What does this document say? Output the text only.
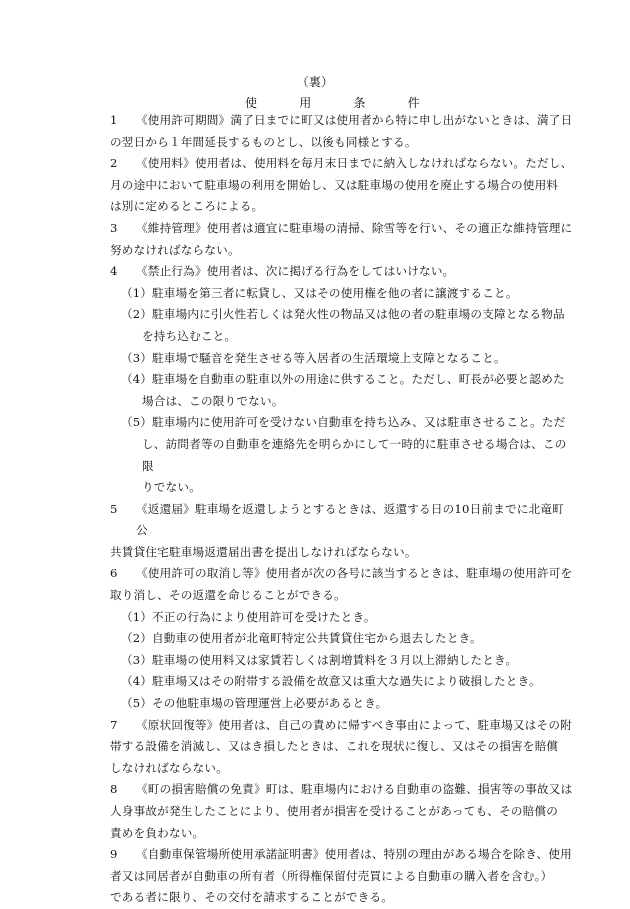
（裏）
使	用	条	件
1	《使用許可期間》満了日までに町又は使用者から特に申し出がないときは、満了日
の翌日から１年間延長するものとし、以後も同様とする。
2	《使用料》使用者は、使用料を毎月末日までに納入しなければならない。ただし、
月の途中において駐車場の利用を開始し、又は駐車場の使用を廃止する場合の使用料
は別に定めるところによる。
3	《維持管理》使用者は適宜に駐車場の清掃、除雪等を行い、その適正な維持管理に
努めなければならない。
4	《禁止行為》使用者は、次に掲げる行為をしてはいけない。
（1） 駐車場を第三者に転貸し、又はその使用権を他の者に譲渡すること。
（2） 駐車場内に引火性若しくは発火性の物品又は他の者の駐車場の支障となる物品
を持ち込むこと。
（3） 駐車場で騒音を発生させる等入居者の生活環境上支障となること。
（4） 駐車場を自動車の駐車以外の用途に供すること。ただし、町長が必要と認めた
場合は、この限りでない。
（5） 駐車場内に使用許可を受けない自動車を持ち込み、又は駐車させること。ただ
し、訪問者等の自動車を連絡先を明らかにして一時的に駐車させる場合は、この限
りでない。
5	《返還届》駐車場を返還しようとするときは、返還する日の10日前までに北竜町公
共賃貸住宅駐車場返還届出書を提出しなければならない。
6	《使用許可の取消し等》使用者が次の各号に該当するときは、駐車場の使用許可を
取り消し、その返還を命じることができる。
（1） 不正の行為により使用許可を受けたとき。
（2） 自動車の使用者が北竜町特定公共賃貸住宅から退去したとき。
（3） 駐車場の使用料又は家賃若しくは割増賃料を３月以上滞納したとき。
（4） 駐車場又はその附帯する設備を故意又は重大な過失により破損したとき。
（5） その他駐車場の管理運営上必要があるとき。
7	《原状回復等》使用者は、自己の責めに帰すべき事由によって、駐車場又はその附
帯する設備を消滅し、又はき損したときは、これを現状に復し、又はその損害を賠償
しなければならない。
8	《町の損害賠償の免責》町は、駐車場内における自動車の盗難、損害等の事故又は
人身事故が発生したことにより、使用者が損害を受けることがあっても、その賠償の
責めを負わない。
9	《自動車保管場所使用承諾証明書》使用者は、特別の理由がある場合を除き、使用
者又は同居者が自動車の所有者（所得権保留付売買による自動車の購入者を含む。）
である者に限り、その交付を請求することができる。
